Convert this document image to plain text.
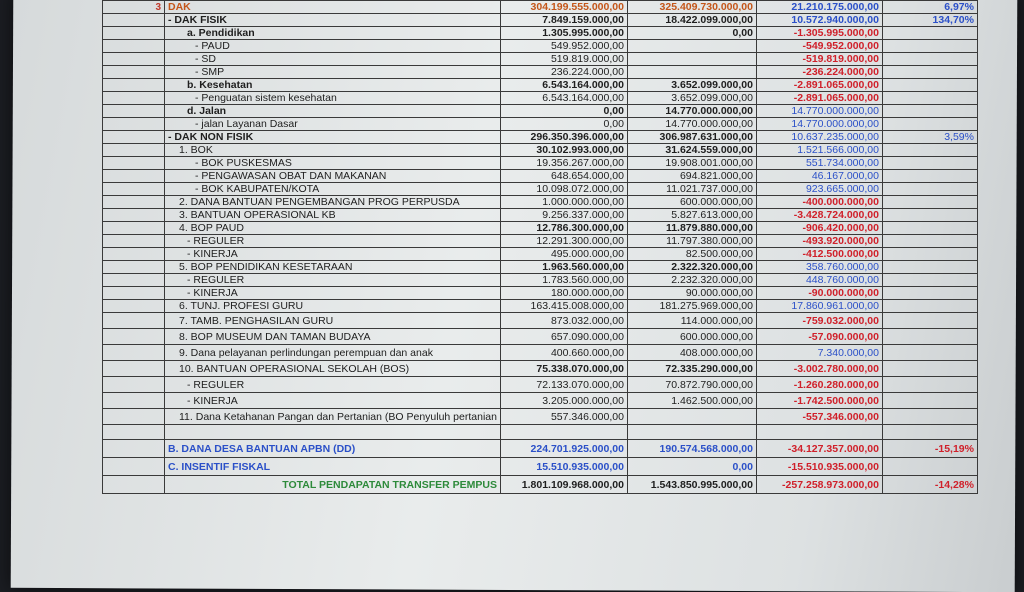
3	DAK	304.199.555.000,00	325.409.730.000,00	21.210.175.000,00	6,97%
	- DAK FISIK	7.849.159.000,00	18.422.099.000,00	10.572.940.000,00	134,70%
	a. Pendidikan	1.305.995.000,00	0,00	-1.305.995.000,00	
	- PAUD	549.952.000,00		-549.952.000,00	
	- SD	519.819.000,00		-519.819.000,00	
	- SMP	236.224.000,00		-236.224.000,00	
	b. Kesehatan	6.543.164.000,00	3.652.099.000,00	-2.891.065.000,00	
	- Penguatan sistem kesehatan	6.543.164.000,00	3.652.099.000,00	-2.891.065.000,00	
	d. Jalan	0,00	14.770.000.000,00	14.770.000.000,00	
	- jalan Layanan Dasar	0,00	14.770.000.000,00	14.770.000.000,00	
	- DAK NON FISIK	296.350.396.000,00	306.987.631.000,00	10.637.235.000,00	3,59%
	1. BOK	30.102.993.000,00	31.624.559.000,00	1.521.566.000,00	
	- BOK PUSKESMAS	19.356.267.000,00	19.908.001.000,00	551.734.000,00	
	- PENGAWASAN OBAT DAN MAKANAN	648.654.000,00	694.821.000,00	46.167.000,00	
	- BOK KABUPATEN/KOTA	10.098.072.000,00	11.021.737.000,00	923.665.000,00	
	2. DANA BANTUAN PENGEMBANGAN PROG PERPUSDA	1.000.000.000,00	600.000.000,00	-400.000.000,00	
	3. BANTUAN OPERASIONAL KB	9.256.337.000,00	5.827.613.000,00	-3.428.724.000,00	
	4. BOP PAUD	12.786.300.000,00	11.879.880.000,00	-906.420.000,00	
	- REGULER	12.291.300.000,00	11.797.380.000,00	-493.920.000,00	
	- KINERJA	495.000.000,00	82.500.000,00	-412.500.000,00	
	5. BOP PENDIDIKAN KESETARAAN	1.963.560.000,00	2.322.320.000,00	358.760.000,00	
	- REGULER	1.783.560.000,00	2.232.320.000,00	448.760.000,00	
	- KINERJA	180.000.000,00	90.000.000,00	-90.000.000,00	
	6. TUNJ. PROFESI GURU	163.415.008.000,00	181.275.969.000,00	17.860.961.000,00	
	7. TAMB. PENGHASILAN GURU	873.032.000,00	114.000.000,00	-759.032.000,00	
	8. BOP MUSEUM DAN TAMAN BUDAYA	657.090.000,00	600.000.000,00	-57.090.000,00	
	9. Dana pelayanan perlindungan perempuan dan anak	400.660.000,00	408.000.000,00	7.340.000,00	
	10. BANTUAN OPERASIONAL SEKOLAH (BOS)	75.338.070.000,00	72.335.290.000,00	-3.002.780.000,00	
	- REGULER	72.133.070.000,00	70.872.790.000,00	-1.260.280.000,00	
	- KINERJA	3.205.000.000,00	1.462.500.000,00	-1.742.500.000,00	
	11. Dana Ketahanan Pangan dan Pertanian (BO Penyuluh pertanian	557.346.000,00		-557.346.000,00	

	B. DANA DESA BANTUAN APBN (DD)	224.701.925.000,00	190.574.568.000,00	-34.127.357.000,00	-15,19%
	C. INSENTIF FISKAL	15.510.935.000,00	0,00	-15.510.935.000,00	
	TOTAL PENDAPATAN TRANSFER PEMPUS	1.801.109.968.000,00	1.543.850.995.000,00	-257.258.973.000,00	-14,28%
